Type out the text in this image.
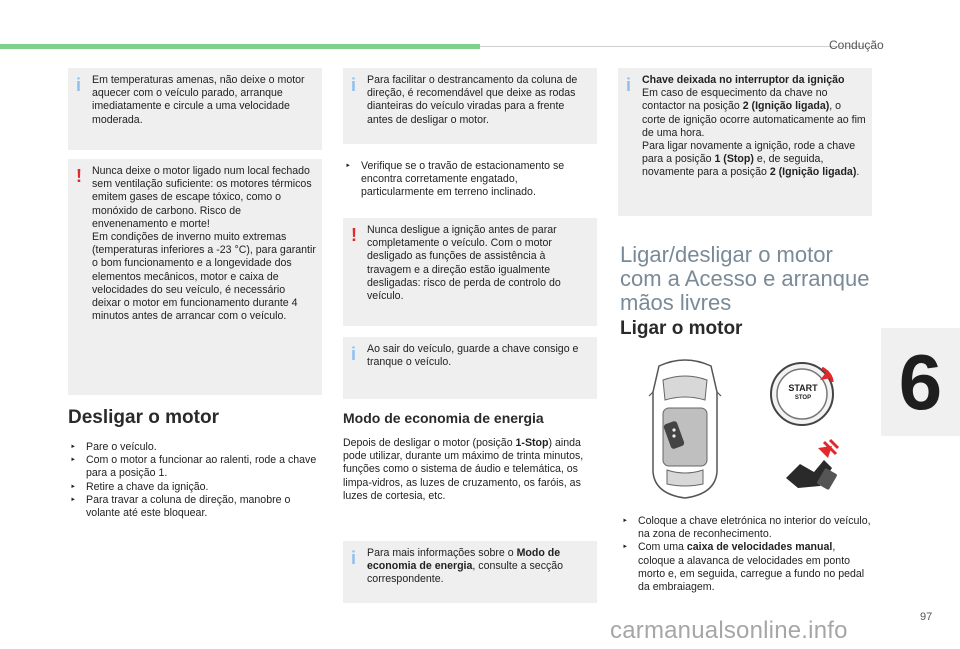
Condução
6
97
i Em temperaturas amenas, não deixe o motor aquecer com o veículo parado, arranque imediatamente e circule a uma velocidade moderada.
! Nunca deixe o motor ligado num local fechado sem ventilação suficiente: os motores térmicos emitem gases de escape tóxico, como o monóxido de carbono. Risco de envenenamento e morte!
Em condições de inverno muito extremas (temperaturas inferiores a -23 °C), para garantir o bom funcionamento e a longevidade dos elementos mecânicos, motor e caixa de velocidades do seu veículo, é necessário deixar o motor em funcionamento durante 4 minutos antes de arrancar com o veículo.
Desligar o motor
‣ Pare o veículo.
‣ Com o motor a funcionar ao ralenti, rode a chave para a posição 1.
‣ Retire a chave da ignição.
‣ Para travar a coluna de direção, manobre o volante até este bloquear.
i Para facilitar o destrancamento da coluna de direção, é recomendável que deixe as rodas dianteiras do veículo viradas para a frente antes de desligar o motor.
‣ Verifique se o travão de estacionamento se encontra corretamente engatado, particularmente em terreno inclinado.
! Nunca desligue a ignição antes de parar completamente o veículo. Com o motor desligado as funções de assistência à travagem e a direção estão igualmente desligadas: risco de perda de controlo do veículo.
i Ao sair do veículo, guarde a chave consigo e tranque o veículo.
Modo de economia de energia
Depois de desligar o motor (posição 1-Stop) ainda pode utilizar, durante um máximo de trinta minutos, funções como o sistema de áudio e telemática, os limpa-vidros, as luzes de cruzamento, os faróis, as luzes de cortesia, etc.
i Para mais informações sobre o Modo de economia de energia, consulte a secção correspondente.
i Chave deixada no interruptor da ignição
Em caso de esquecimento da chave no contactor na posição 2 (Ignição ligada), o corte de ignição ocorre automaticamente ao fim de uma hora.
Para ligar novamente a ignição, rode a chave para a posição 1 (Stop) e, de seguida, novamente para a posição 2 (Ignição ligada).
Ligar/desligar o motor
com a Acesso e arranque
mãos livres
Ligar o motor
START
STOP
‣ Coloque a chave eletrónica no interior do veículo, na zona de reconhecimento.
‣ Com uma caixa de velocidades manual, coloque a alavanca de velocidades em ponto morto e, em seguida, carregue a fundo no pedal da embraiagem.
carmanualsonline.info
